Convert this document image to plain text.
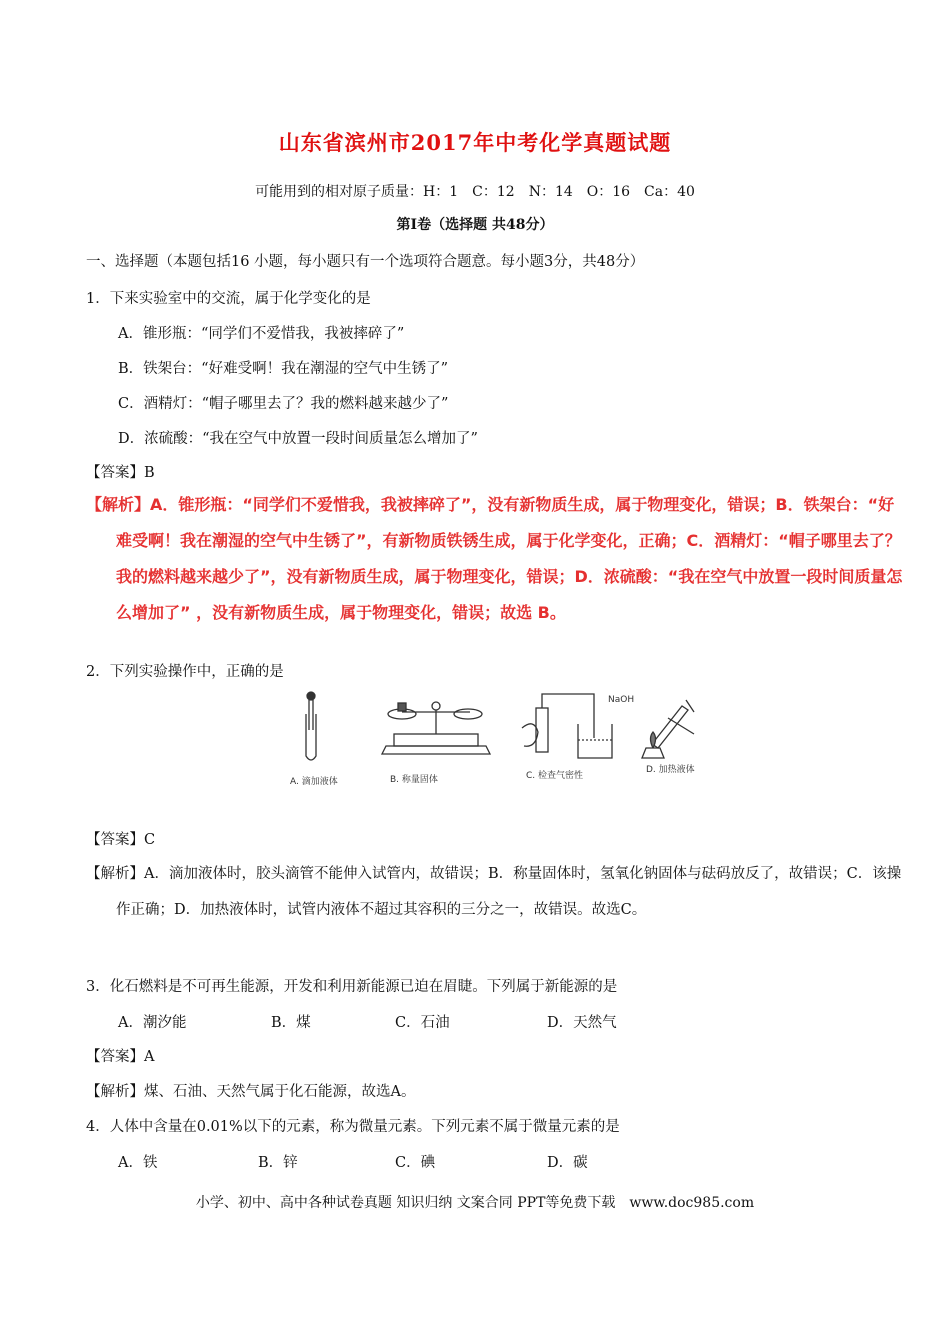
山东省滨州市2017年中考化学真题试题
可能用到的相对原子质量：H：1　C：12　N：14　O：16　Ca：40
第Ⅰ卷（选择题 共48分）
一、选择题（本题包括16 小题，每小题只有一个选项符合题意。每小题3分，共48分）
1．下来实验室中的交流，属于化学变化的是
A．锥形瓶：“同学们不爱惜我，我被摔碎了”
B．铁架台：“好难受啊！我在潮湿的空气中生锈了”
C．酒精灯：“帽子哪里去了？我的燃料越来越少了”
D．浓硫酸：“我在空气中放置一段时间质量怎么增加了”
【答案】B
【解析】A．锥形瓶：“同学们不爱惜我，我被摔碎了”，没有新物质生成，属于物理变化，错误；B．铁架台：“好难受啊！我在潮湿的空气中生锈了”，有新物质铁锈生成，属于化学变化，正确；C．酒精灯：“帽子哪里去了？我的燃料越来越少了”，没有新物质生成，属于物理变化，错误；D．浓硫酸：“我在空气中放置一段时间质量怎么增加了” ，没有新物质生成，属于物理变化，错误；故选 B。
2．下列实验操作中，正确的是
NaOH
A. 滴加液体	B. 称量固体	C. 检查气密性
D. 加热液体
【答案】C
【解析】A．滴加液体时，胶头滴管不能伸入试管内，故错误；B．称量固体时，氢氧化钠固体与砝码放反了，故错误；C．该操作正确；D．加热液体时，试管内液体不超过其容积的三分之一，故错误。故选C。
3．化石燃料是不可再生能源，开发和利用新能源已迫在眉睫。下列属于新能源的是
A．潮汐能	B．煤	C．石油	D．天然气
【答案】A
【解析】煤、石油、天然气属于化石能源，故选A。
4．人体中含量在0.01%以下的元素，称为微量元素。下列元素不属于微量元素的是
A．铁	B．锌	C．碘	D．碳
小学、初中、高中各种试卷真题 知识归纳 文案合同 PPT等免费下载　www.doc985.com
